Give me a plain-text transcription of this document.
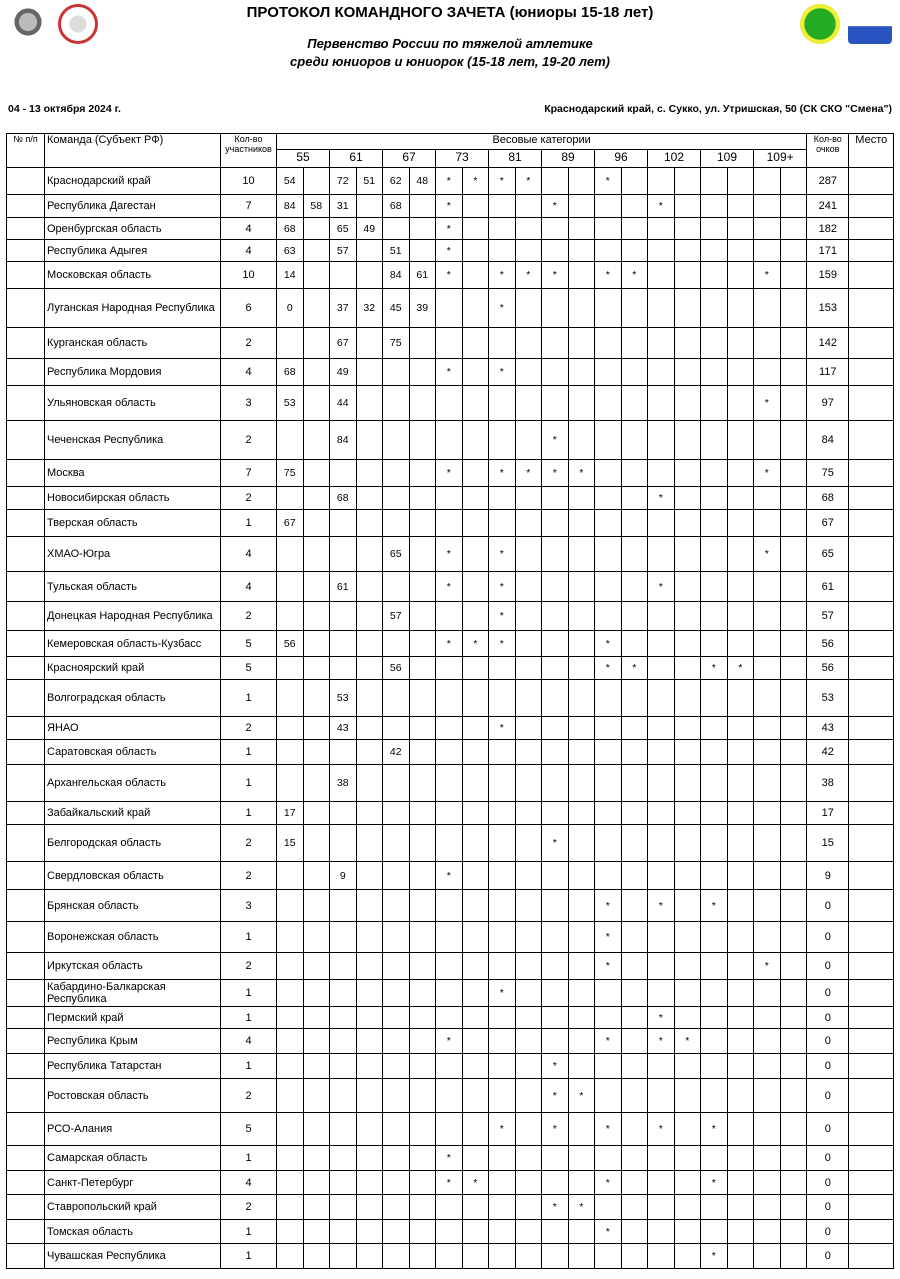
ПРОТОКОЛ КОМАНДНОГО ЗАЧЕТА (юниоры 15-18 лет)
Первенство России по тяжелой атлетике
среди юниоров и юниорок (15-18 лет, 19-20 лет)
04 - 13 октября 2024 г.	Краснодарский край, с. Сукко, ул. Утришская, 50 (СК СКО "Смена")
№ п/п	Команда (Субъект РФ)	Кол-во участников	Весовые категории																				Кол-во очков	Место
			55		61		67		73		81		89		96		102		109		109+			
	Краснодарский край	10	54		72	51	62	48	*	*	*	*			*								287	
	Республика Дагестан	7	84	58	31		68		*				*				*						241	
	Оренбургская область	4	68		65	49			*														182	
	Республика Адыгея	4	63		57		51		*														171	
	Московская область	10	14				84	61	*		*	*	*		*	*					*		159	
	Луганская Народная Республика	6	0		37	32	45	39			*												153	
	Курганская область	2			67		75																142	
	Республика Мордовия	4	68		49				*		*												117	
	Ульяновская область	3	53		44																*		97	
	Чеченская Республика	2			84								*										84	
	Москва	7	75						*		*	*	*	*							*		75	
	Новосибирская область	2			68												*						68	
	Тверская область	1	67																				67	
	ХМАО-Югра	4					65		*		*										*		65	
	Тульская область	4			61				*		*						*						61	
	Донецкая Народная Республика	2					57				*												57	
	Кемеровская область-Кузбасс	5	56						*	*	*				*								56	
	Красноярский край	5					56								*	*			*	*			56	
	Волгоградская область	1			53																		53	
	ЯНАО	2			43						*												43	
	Саратовская область	1					42																42	
	Архангельская область	1			38																		38	
	Забайкальский край	1	17																				17	
	Белгородская область	2	15										*										15	
	Свердловская область	2			9				*														9	
	Брянская область	3													*		*		*				0	
	Воронежская область	1													*								0	
	Иркутская область	2													*						*		0	
	Кабардино-Балкарская Республика	1									*												0	
	Пермский край	1															*						0	
	Республика Крым	4							*						*		*	*					0	
	Республика Татарстан	1											*										0	
	Ростовская область	2											*	*									0	
	РСО-Алания	5									*		*		*		*		*				0	
	Самарская область	1							*														0	
	Санкт-Петербург	4							*	*					*				*				0	
	Ставропольский край	2											*	*									0	
	Томская область	1													*								0	
	Чувашская Республика	1																	*				0	
